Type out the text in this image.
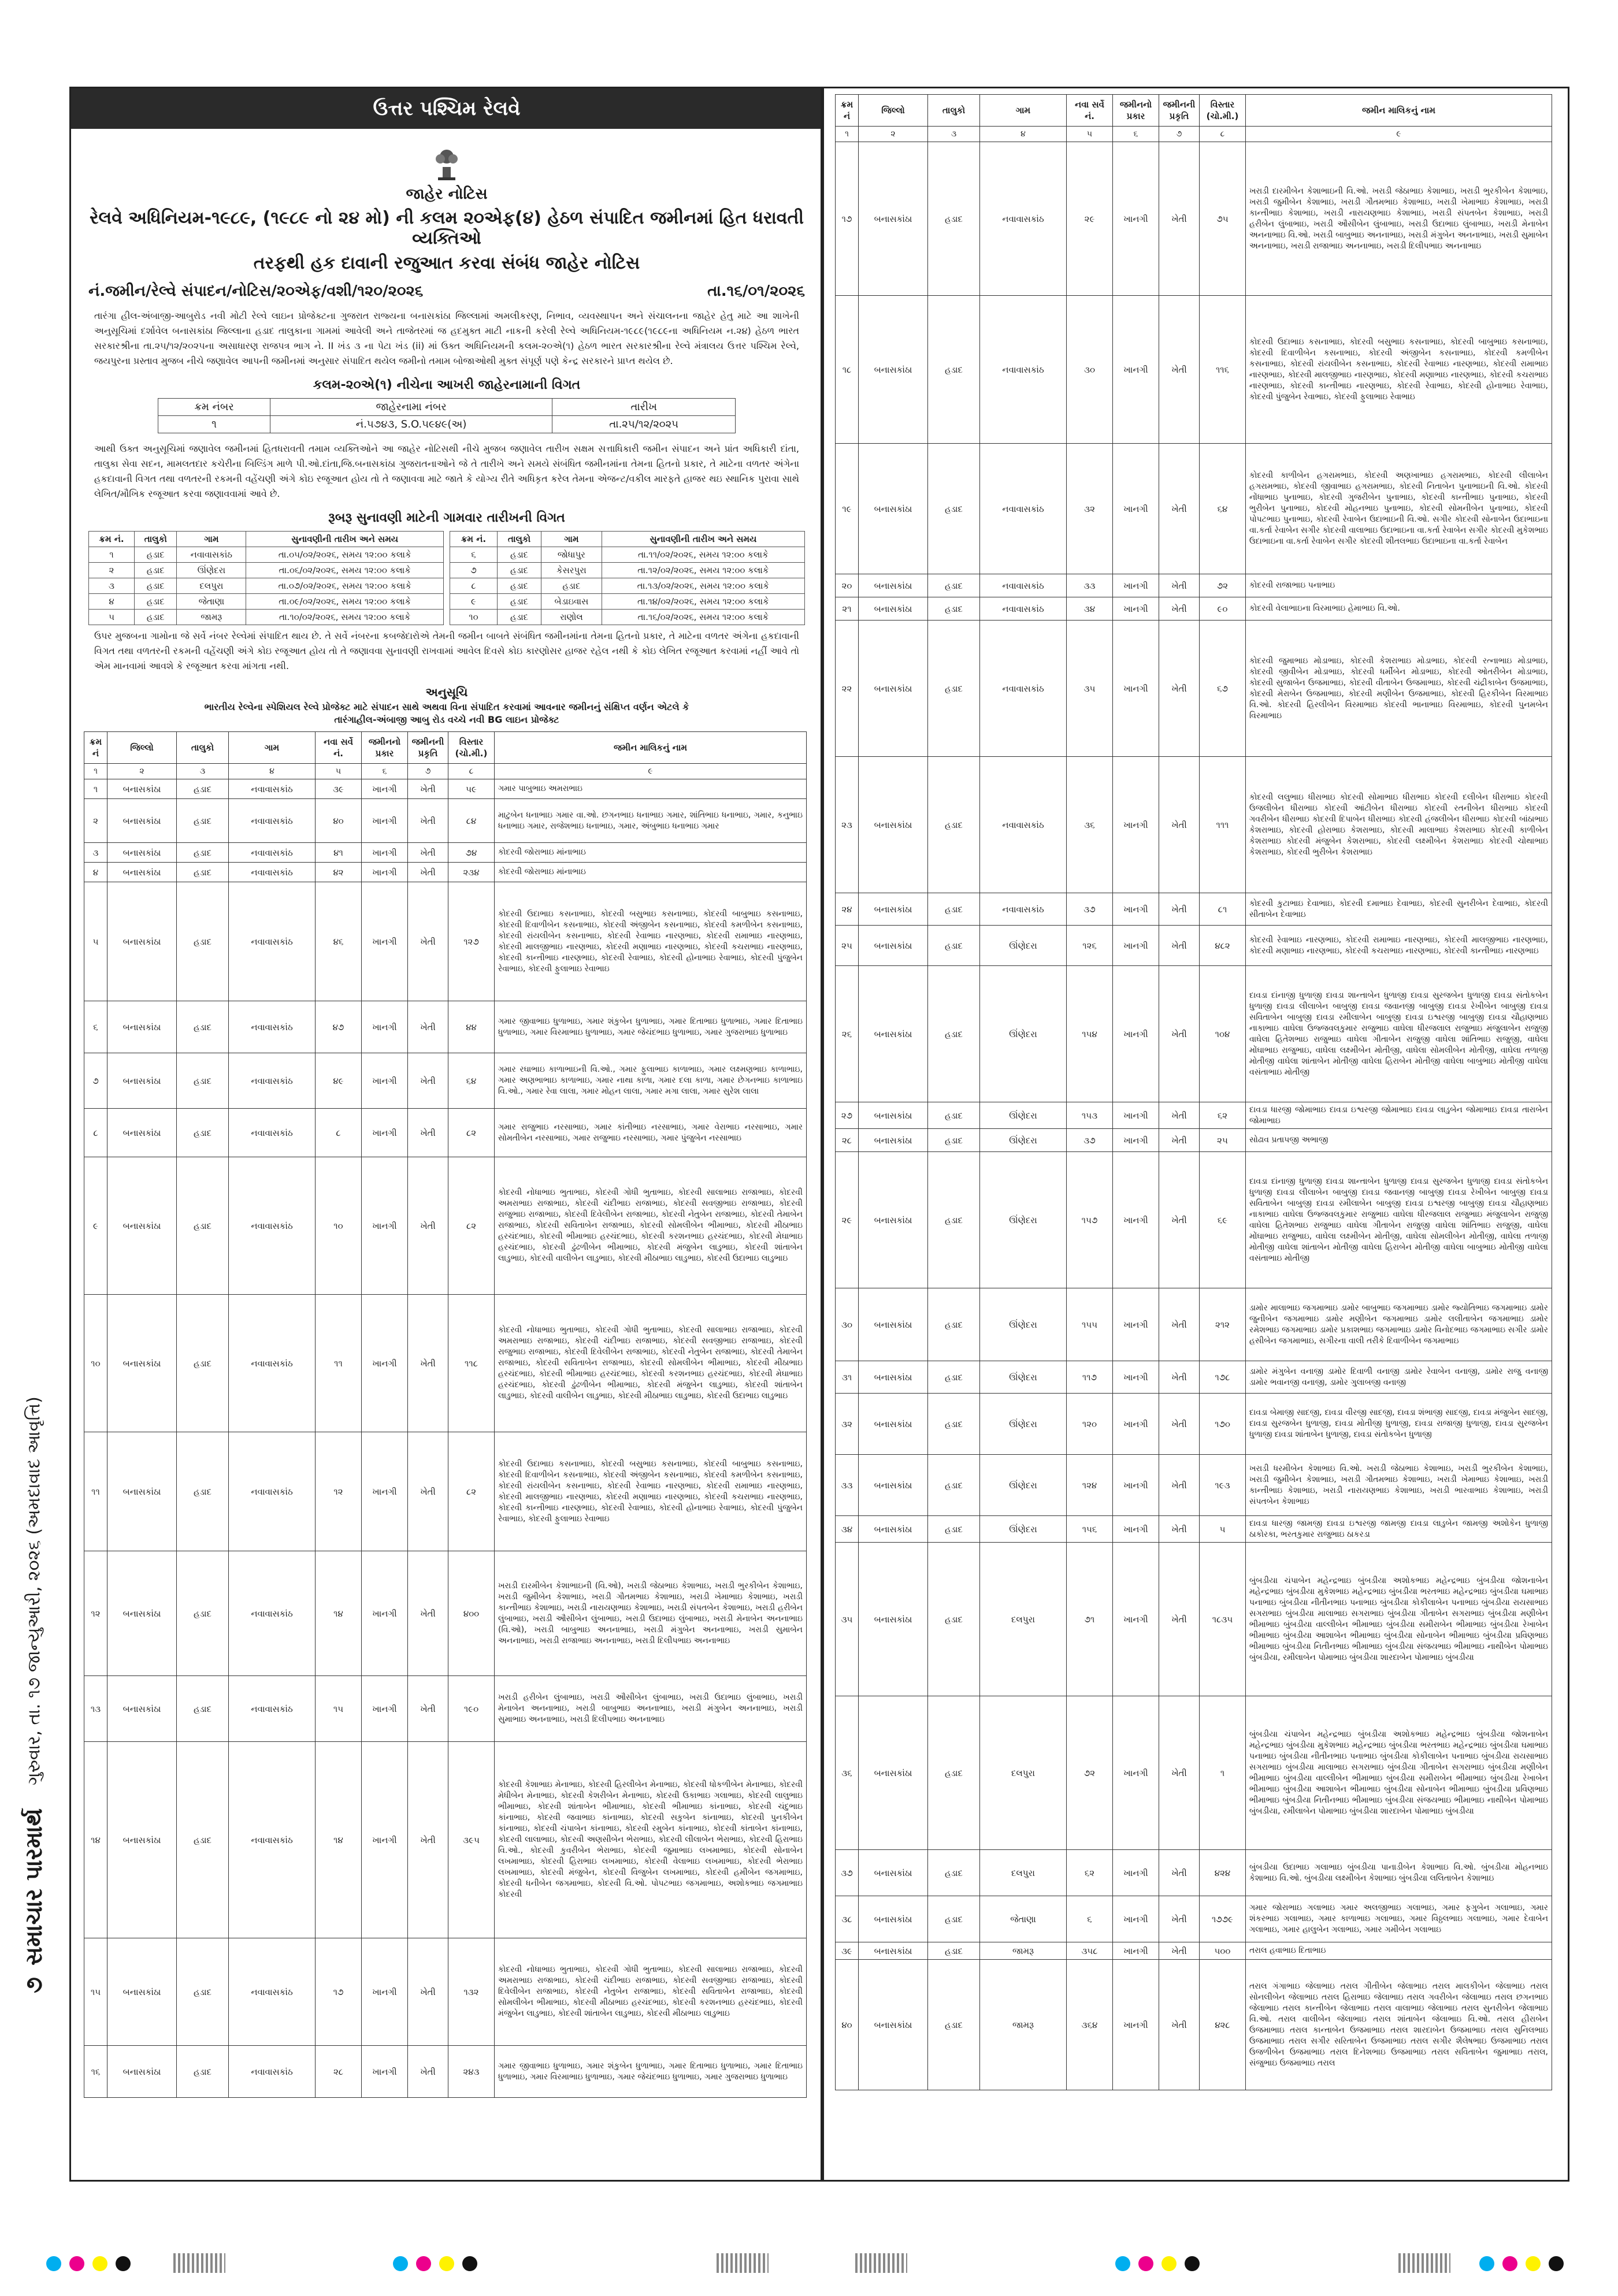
૭
સમાચાર પારમાર્થ
ગુરુવાર, તા. ૧૭ જાન્યુઆરી, ૨૦૨૬ (અમદાવાદ આવૃત્તિ)
ઉત્તર પશ્ચિમ રેલવે
જાહેર નોટિસ
રેલવે અધિનિયમ-૧૯૮૯, (૧૯૮૯ નો ૨૪ મો) ની કલમ ૨૦એફ(૪) હેઠળ સંપાદિત જમીનમાં હિત ધરાવતી વ્યક્તિઓ
તરફથી હક દાવાની રજુઆત કરવા સંબંધ જાહેર નોટિસ
નં.જમીન/રેલ્વે સંપાદન/નોટિસ/૨૦એફ/વશી/૧૨૦/૨૦૨૬	તા.૧૬/૦૧/૨૦૨૬
તારંગા હીલ-અંબાજી-આબુરોડ નવી મોટી રેલ્વે લાઇન પ્રોજેક્ટના ગુજરાત રાજ્યના બનાસકાંઠા જિલ્લામાં અમલીકરણ, નિભાવ, વ્યવસ્થાપન અને સંચાલનના જાહેર હેતુ માટે આ શાખેની અનુસૂચિમાં દર્શાવેલ બનાસકાંઠા જિલ્લાના હડાદ તાલુકાના ગામમાં આવેલી અને તાજેતરમાં જ હદમુક્ત માટી નાકની કરેલી રેલ્વે અધિનિયમ-૧૯૮૯(૧૯૮૯ના અધિનિયમ ન.૨૪) હેઠળ ભારત સરકારશ્રીના તા.૨૫/૧૨/૨૦૨૫ના અસાધારણ રાજપત્ર ભાગ ને. II ખંડ ૩ ના પેટા ખંડ (ii) માં ઉક્ત અધિનિયમની કલમ-૨૦એ(૧) હેઠળ ભારત સરકારશ્રીના રેલ્વે મંત્રાલય ઉત્તર પશ્ચિમ રેલ્વે, જયપુરના પ્રસ્તાવ મુજબ નીચે જણાવેલ આપની જમીનમાં અનુસાર સંપાદિત થયેલ જમીનો તમામ બોજાઓથી મુક્ત સંપૂર્ણ પણે કેન્દ્ર સરકારને પ્રાપ્ત થયેલ છે.
કલમ-૨૦એ(૧) નીચેના આખરી જાહેરનામાની વિગત
ક્રમ નંબર	જાહેરનામા નંબર	તારીખ
૧	નં.૫૭૪૩, S.O.૫૯૪૯(અ)	તા.૨૫/૧૨/૨૦૨૫
આથી ઉક્ત અનુસૂચિમાં જણાવેલ જમીનમાં હિતધરાવતી તમામ વ્યક્તિઓને આ જાહેર નોટિસથી નીચે મુજબ જણાવેલ તારીખ સક્ષમ સત્તાધિકારી જમીન સંપાદન અને પ્રાંત અધિકારી દાંતા, તાલુકા સેવા સદન, મામલતદાર કચેરીના બિલ્ડિંગ માળે પી.ઓ.દાંતા,જિ.બનાસકાંઠા ગુજરાતનાઓને જે તે તારીખે અને સમયે સંબંધિત જમીનમાંના તેમના હિતનો પ્રકાર, તે માટેના વળતર અંગેના હકદાવાની વિગત તથા વળતરની રકમની વહેંચણી અંગે કોઇ રજૂઆત હોય તો તે જણાવવા માટે જાતે કે યોગ્ય રીતે અધિકૃત કરેલ તેમના એજન્ટ/વકીલ મારફતે હાજર થઇ સ્થાનિક પુરાવા સાથે લેખિત/મૌખિક રજૂઆત કરવા જણાવવામાં આવે છે.
રૂબરૂ સુનાવણી માટેની ગામવાર તારીખની વિગત
ક્રમ નં.	તાલુકો	ગામ	સુનાવણીની તારીખ અને સમય
૧	હડાદ	નવાવાસકાંઠ	તા.૦૫/૦૨/૨૦૨૬, સમય ૧૨:૦૦ કલાકે
૨	હડાદ	ઊંણેદરા	તા.૦૬/૦૨/૨૦૨૬, સમય ૧૨:૦૦ કલાકે
૩	હડાદ	દલપુરા	તા.૦૭/૦૨/૨૦૨૬, સમય ૧૨:૦૦ કલાકે
૪	હડાદ	જેતાણા	તા.૦૯/૦૨/૨૦૨૬, સમય ૧૨:૦૦ કલાકે
૫	હડાદ	જામરૂ	તા.૧૦/૦૨/૨૦૨૬, સમય ૧૨:૦૦ કલાકે
ક્રમ નં.	તાલુકો	ગામ	સુનાવણીની તારીખ અને સમય
૬	હડાદ	જોધાપુર	તા.૧૧/૦૨/૨૦૨૬, સમય ૧૨:૦૦ કલાકે
૭	હડાદ	કેસરપુરા	તા.૧૨/૦૨/૨૦૨૬, સમય ૧૨:૦૦ કલાકે
૮	હડાદ	હડાદ	તા.૧૩/૦૨/૨૦૨૬, સમય ૧૨:૦૦ કલાકે
૯	હડાદ	બેડાઇવાસ	તા.૧૪/૦૨/૨૦૨૬, સમય ૧૨:૦૦ કલાકે
૧૦	હડાદ	રાણોલ	તા.૧૬/૦૨/૨૦૨૬, સમય ૧૨:૦૦ કલાકે
ઉપર મુજબના ગામોના જે સર્વે નંબર રેલ્વેમાં સંપાદિત થાય છે. તે સર્વે નંબરના કબજેદારોએ તેમની જમીન બાબતે સંબંધિત જમીનમાંના તેમના હિતનો પ્રકાર, તે માટેના વળતર અંગેના હકદાવાની વિગત તથા વળતરની રકમની વહેંચણી અંગે કોઇ રજૂઆત હોય તો તે જણાવવા સુનાવણી રાખવામાં આવેલ દિવસે કોઇ કારણોસર હાજર રહેલ નથી કે કોઇ લેખિત રજૂઆત કરવામાં નહીં આવે તો એમ માનવામાં આવશે કે રજૂઆત કરવા માંગતા નથી.
અનુસૂચિ
ભારતીય રેલ્વેના સ્પેશિયલ રેલ્વે પ્રોજેક્ટ માટે સંપાદન સાથે અથવા વિના સંપાદિત કરવામાં આવનાર જમીનનું સંક્ષિપ્ત વર્ણન એટલે કે
તારંગાહીલ-અંબાજી આબુ રોડ વચ્ચે નવી BG લાઇન પ્રોજેક્ટ
ક્રમ નં	જિલ્લો	તાલુકો	ગામ	નવા સર્વે નં.	જમીનનો પ્રકાર	જમીનની પ્રકૃતિ	વિસ્તાર (ચો.મી.)	જમીન માલિકનું નામ
૧	૨	૩	૪	૫	૬	૭	૮	૯
૧	બનાસકાંઠા	હડાદ	નવાવાસકાંઠ	૩૯	ખાનગી	ખેતી	૫૯	ગમાર પાબુભાઇ અમરાભાઇ
૨	બનાસકાંઠા	હડાદ	નવાવાસકાંઠ	૪૦	ખાનગી	ખેતી	૮૪	માટુબેન ધનાભાઇ ગમાર વા.ઓ. છગનભાઇ ધનાભાઇ ગમાર, શાંતિભાઇ ધનાભાઇ, ગમાર, કનુભાઇ ધનાભાઇ ગમાર, રાજેશભાઇ ધનાભાઇ, ગમાર, અંબુભાઇ ધનાભાઇ ગમાર
૩	બનાસકાંઠા	હડાદ	નવાવાસકાંઠ	૪૧	ખાનગી	ખેતી	૭૪	કોદરવી જોરાભાઇ માંનાભાઇ
૪	બનાસકાંઠા	હડાદ	નવાવાસકાંઠ	૪૨	ખાનગી	ખેતી	૨૩૪	કોદરવી જોરાભાઇ માંનાભાઇ
૫	બનાસકાંઠા	હડાદ	નવાવાસકાંઠ	૪૬	ખાનગી	ખેતી	૧૨૭	કોદરવી ઉદાભાઇ કસનાભાઇ, કોદરવી બસુભાઇ કસનાભાઇ, કોદરવી બાબુભાઇ કસનાભાઇ, કોદરવી દિવાળીબેન કસનાભાઇ, કોદરવી અંજીબેન કસનાભાઇ, કોદરવી કમળીબેન કસનાભાઇ, કોદરવી રાંયલીબેન કસનાભાઇ, કોદરવી રેવાભાઇ નારણભાઇ, કોદરવી રામાભાઇ નારણભાઇ, કોદરવી માલજીભાઇ નારણભાઇ, કોદરવી મણાભાઇ નારણભાઇ, કોદરવી કચરાભાઇ નારણભાઇ, કોદરવી કાન્તીભાઇ નારણભાઇ, કોદરવી રેવાભાઇ, કોદરવી હોનાભાઇ રેવાભાઇ, કોદરવી પુંજુબેન રેવાભાઇ, કોદરવી ફુલાભાઇ રેવાભાઇ
૬	બનાસકાંઠા	હડાદ	નવાવાસકાંઠ	૪૭	ખાનગી	ખેતી	૪૪	ગમાર જીવાભાઇ ધુળાભાઇ, ગમાર શંકુબેન ધુળાભાઇ, ગમાર દિતાભાઇ ધુળાભાઇ, ગમાર દિતાભાઇ ધુળાભાઇ, ગમાર વિરમાભાઇ ધુળાભાઇ, ગમાર જેચંદભાઇ ધુળાભાઇ, ગમાર ગુજરાભાઇ ધુળાભાઇ
૭	બનાસકાંઠા	હડાદ	નવાવાસકાંઠ	૪૯	ખાનગી	ખેતી	૬૪	ગમાર રઘાભાઇ કાળાભાઇની વિ.ઓ., ગમાર ફુલાભાઇ કાળાભાઇ, ગમાર લક્ષ્મણભાઇ કાળાભાઇ, ગમાર અણભાભાઇ કાળાભાઇ, ગમાર નાથા કાળા, ગમાર દલા કાળા, ગમાર છેગનભાઇ કાળાભાઇ વિ.ઓ., ગમાર રેવા લાલા, ગમાર મોહન લાલા, ગમાર મગા લાલા, ગમાર સુરેશ લાલા
૮	બનાસકાંઠા	હડાદ	નવાવાસકાંઠ	૮	ખાનગી	ખેતી	૮૨	ગમાર રાજુભાઇ નરસાભાઇ, ગમાર કાંતીભાઇ નરસાભાઇ, ગમાર વેરાભાઇ નરસાભાઇ, ગમાર સોમતીબેન નરસાભાઇ, ગમાર રાજુભાઇ નરસાભાઇ, ગમાર પુંજુબેન નરસાભાઇ
૯	બનાસકાંઠા	હડાદ	નવાવાસકાંઠ	૧૦	ખાનગી	ખેતી	૮૨	કોદરવી નોધાભાઇ ભુતાભાઇ, કોદરવી ગોધી ભુતાભાઇ, કોદરવી સાલાભાઇ રાજાભાઇ, કોદરવી અમરાભાઇ રાજાભાઇ, કોદરવી ચંદીભાઇ રાજાભાઇ, કોદરવી સવજીભાઇ રાજાભાઇ, કોદરવી રાજુભાઇ રાજાભાઇ, કોદરવી દિવેલીબેન રાજાભાઇ, કોદરવી નેતુબેન રાજાભાઇ, કોદરવી તેમાબેન રાજાભાઇ, કોદરવી સવિતાબેન રાજાભાઇ, કોદરવી સોમલીબેન ભીમાભાઇ, કોદરવી મીઠાભાઇ હરચંદભાઇ, કોદરવી ભીમાભાઇ હરચંદભાઇ, કોદરવી કરશનભાઇ હરચંદભાઇ, કોદરવી મેઘાભાઇ હરચંદભાઇ, કોદરવી ઢુંઢળીબેન ભીમાભાઇ, કોદરવી મંજુબેન લાડુભાઇ, કોદરવી શાંતાબેન લાડુભાઇ, કોદરવી વાલીબેન લાડુભાઇ, કોદરવી મીઠાભાઇ લાડુભાઇ, કોદરવી ઉદાભાઇ લાડુભાઇ
૧૦	બનાસકાંઠા	હડાદ	નવાવાસકાંઠ	૧૧	ખાનગી	ખેતી	૧૧૮	કોદરવી નોધાભાઇ ભુતાભાઇ, કોદરવી ગોધી ભુતાભાઇ, કોદરવી સાલાભાઇ રાજાભાઇ, કોદરવી અમરાભાઇ રાજાભાઇ, કોદરવી ચંદીભાઇ રાજાભાઇ, કોદરવી સવજીભાઇ રાજાભાઇ, કોદરવી રાજુભાઇ રાજાભાઇ, કોદરવી દિવેલીબેન રાજાભાઇ, કોદરવી નેતુબેન રાજાભાઇ, કોદરવી તેમાબેન રાજાભાઇ, કોદરવી સવિતાબેન રાજાભાઇ, કોદરવી સોમલીબેન ભીમાભાઇ, કોદરવી મીઠાભાઇ હરચંદભાઇ, કોદરવી ભીમાભાઇ હરચંદભાઇ, કોદરવી કરશનભાઇ હરચંદભાઇ, કોદરવી મેઘાભાઇ હરચંદભાઇ, કોદરવી ઢુંઢળીબેન ભીમાભાઇ, કોદરવી મંજુબેન લાડુભાઇ, કોદરવી શાંતાબેન લાડુભાઇ, કોદરવી વાલીબેન લાડુભાઇ, કોદરવી મીઠાભાઇ લાડુભાઇ, કોદરવી ઉદાભાઇ લાડુભાઇ
૧૧	બનાસકાંઠા	હડાદ	નવાવાસકાંઠ	૧૨	ખાનગી	ખેતી	૮૨	કોદરવી ઉદાભાઇ કસનાભાઇ, કોદરવી બસુભાઇ કસનાભાઇ, કોદરવી બાબુભાઇ કસનાભાઇ, કોદરવી દિવાળીબેન કસનાભાઇ, કોદરવી અંજીબેન કસનાભાઇ, કોદરવી કમળીબેન કસનાભાઇ, કોદરવી રાંયલીબેન કસનાભાઇ, કોદરવી રેવાભાઇ નારણભાઇ, કોદરવી રામાભાઇ નારણભાઇ, કોદરવી માલજીભાઇ નારણભાઇ, કોદરવી મણાભાઇ નારણભાઇ, કોદરવી કચરાભાઇ નારણભાઇ, કોદરવી કાન્તીભાઇ નારણભાઇ, કોદરવી રેવાભાઇ, કોદરવી હોનાભાઇ રેવાભાઇ, કોદરવી પુંજુબેન રેવાભાઇ, કોદરવી ફુલાભાઇ રેવાભાઇ
૧૨	બનાસકાંઠા	હડાદ	નવાવાસકાંઠ	૧૪	ખાનગી	ખેતી	૪૦૦	ખરાડી દારમીબેન કેશાભાઇની (વિ.ઓ), ખરાડી જેઠાભાઇ કેશાભાઇ, ખરાડી ભુરકીબેન કેશાભાઇ, ખરાડી જુમીબેન કેશાભાઇ, ખરાડી ગૌતમભાઇ કેશાભાઇ, ખરાડી ખેમાભાઇ કેશાભાઇ, ખરાડી કાન્તીભાઇ કેશાભાઇ, ખરાડી નારાયણભાઇ કેશાભાઇ, ખરાડી સંપતબેન કેશાભાઇ, ખરાડી હરીબેન લુંબાભાઇ, ખરાડી ઔસીબેન લુંબાભાઇ, ખરાડી ઉદાભાઇ લુંબાભાઇ, ખરાડી મેનાબેન અનનાભાઇ (વિ.ઓ), ખરાડી બાબુભાઇ અનનાભાઇ, ખરાડી મંગુબેન અનનાભાઇ, ખરાડી સુમાબેન અનનાભાઇ, ખરાડી રાજાભાઇ અનનાભાઇ, ખરાડી દિલીપભાઇ અનનાભાઇ
૧૩	બનાસકાંઠા	હડાદ	નવાવાસકાંઠ	૧૫	ખાનગી	ખેતી	૧૯૦	ખરાડી હરીબેન લુંબાભાઇ, ખરાડી ઔસીબેન લુંબાભાઇ, ખરાડી ઉદાભાઇ લુંબાભાઇ, ખરાડી મેનાબેન અનનાભાઇ, ખરાડી બાબુભાઇ અનનાભાઇ, ખરાડી મંગુબેન અનનાભાઇ, ખરાડી સુમાભાઇ અનનાભાઇ, ખરાડી દિલીપભાઇ અનનાભાઇ
૧૪	બનાસકાંઠા	હડાદ	નવાવાસકાંઠ	૧૪	ખાનગી	ખેતી	૩૯૫	કોદરવી કેશાભાઇ મેનાભાઇ, કોદરવી હિરલીબેન મેનાભાઇ, કોદરવી ધોકળીબેન મેનાભાઇ, કોદરવી મેધીબેન મેનાભાઇ, કોદરવી કેશરીબેન મેનાભાઇ, કોદરવી ઉકાભાઇ ગલાભાઇ, કોદરવી લાલુભાઇ ભીમાભાઇ, કોદરવી શાંતાબેન ભીમાભાઇ, કોદરવી ભીમાભાઇ કાંનાભાઇ, કોદરવી ચંદુભાઇ કાંનાભાઇ, કોદરવી જવાભાઇ કાંનાભાઇ, કોદરવી સકુબેન કાંનાભાઇ, કોદરવી પુનકીબેન કાંનાભાઇ, કોદરવી ચંપાબેન કાંનાભાઇ, કોદરવી રમુબેન કાંનાભાઇ, કોદરવી કાંતાબેન કાંનાભાઇ, કોદરવી લાલાભાઇ, કોદરવી અણસીબેન ભેરાભાઇ, કોદરવી લીલાબેન ભેરાભાઇ, કોદરવી હિરાભાઇ વિ.ઓ., કોદરવી કુવરીબેન ભેરાભાઇ, કોદરવી જુમાભાઇ લખમાભાઇ, કોદરવી સોનાબેન લખમાભાઇ, કોદરવી હિરાભાઇ લખમાભાઇ, કોદરવી વેલાભાઇ લખમાભાઇ, કોદરવી ભેરાભાઇ લખમાભાઇ, કોદરવી મંજુબેન, કોદરવી વિજુબેન લખમાભાઇ, કોદરવી હમીબેન જગમાભાઇ, કોદરવી ધનીબેન જગમાભાઇ, કોદરવી વિ.ઓ. પોપટભાઇ જગમાભાઇ, અશોકભાઇ જગમાભાઇ કોદરવી
૧૫	બનાસકાંઠા	હડાદ	નવાવાસકાંઠ	૧૭	ખાનગી	ખેતી	૧૩૨	કોદરવી નોધાભાઇ ભુતાભાઇ, કોદરવી ગોધી ભુતાભાઇ, કોદરવી સાલાભાઇ રાજાભાઇ, કોદરવી અમરાભાઇ રાજાભાઇ, કોદરવી ચંદીભાઇ રાજાભાઇ, કોદરવી સવજીભાઇ રાજાભાઇ, કોદરવી દિવેલીબેન રાજાભાઇ, કોદરવી નેતુબેન રાજાભાઇ, કોદરવી સવિતાબેન રાજાભાઇ, કોદરવી સોમલીબેન ભીમાભાઇ, કોદરવી મીઠાભાઇ હરચંદભાઇ, કોદરવી કરશનભાઇ હરચંદભાઇ, કોદરવી મંજુબેન લાડુભાઇ, કોદરવી શાંતાબેન લાડુભાઇ, કોદરવી મીઠાભાઇ લાડુભાઇ
૧૬	બનાસકાંઠા	હડાદ	નવાવાસકાંઠ	૨૮	ખાનગી	ખેતી	૨૪૩	ગમાર જીવાભાઇ ધુળાભાઇ, ગમાર શંકુબેન ધુળાભાઇ, ગમાર દિતાભાઇ ધુળાભાઇ, ગમાર દિતાભાઇ ધુળાભાઇ, ગમાર વિરમાભાઇ ધુળાભાઇ, ગમાર જેચંદભાઇ ધુળાભાઇ, ગમાર ગુજરાભાઇ ધુળાભાઇ
ક્રમ નં	જિલ્લો	તાલુકો	ગામ	નવા સર્વે નં.	જમીનનો પ્રકાર	જમીનની પ્રકૃતિ	વિસ્તાર (ચો.મી.)	જમીન માલિકનું નામ
૧	૨	૩	૪	૫	૬	૭	૮	૯
૧૭	બનાસકાંઠા	હડાદ	નવાવાસકાંઠ	૨૯	ખાનગી	ખેતી	૭૫	ખરાડી દારમીબેન કેશાભાઇની વિ.ઓ. ખરાડી જેઠાભાઇ કેશાભાઇ, ખરાડી ભુરકીબેન કેશાભાઇ, ખરાડી જુમીબેન કેશાભાઇ, ખરાડી ગૌતમભાઇ કેશાભાઇ, ખરાડી ખેમાભાઇ કેશાભાઇ, ખરાડી કાન્તીભાઇ કેશાભાઇ, ખરાડી નારાયણભાઇ કેશાભાઇ, ખરાડી સંપતબેન કેશાભાઇ, ખરાડી હરીબેન લુંબાભાઇ, ખરાડી ઔસીબેન લુંબાભાઇ, ખરાડી ઉદાભાઇ લુંબાભાઇ, ખરાડી મેનાબેન અનનાભાઇ વિ.ઓ. ખરાડી બાબુભાઇ અનનાભાઇ, ખરાડી મંગુબેન અનનાભાઇ, ખરાડી સુમાબેન અનનાભાઇ, ખરાડી રાજાભાઇ અનનાભાઇ, ખરાડી દિલીપભાઇ અનનાભાઇ
૧૮	બનાસકાંઠા	હડાદ	નવાવાસકાંઠ	૩૦	ખાનગી	ખેતી	૧૧૬	કોદરવી ઉદાભાઇ કસનાભાઇ, કોદરવી બસુભાઇ કસનાભાઇ, કોદરવી બાબુભાઇ કસનાભાઇ, કોદરવી દિવાળીબેન કસનાભાઇ, કોદરવી અંજીબેન કસનાભાઇ, કોદરવી કમળીબેન કસનાભાઇ, કોદરવી રાંયલીબેન કસનાભાઇ, કોદરવી રેવાભાઇ નારણભાઇ, કોદરવી રામાભાઇ નારણભાઇ, કોદરવી માલજીભાઇ નારણભાઇ, કોદરવી મણાભાઇ નારણભાઇ, કોદરવી કચરાભાઇ નારણભાઇ, કોદરવી કાન્તીભાઇ નારણભાઇ, કોદરવી રેવાભાઇ, કોદરવી હોનાભાઇ રેવાભાઇ, કોદરવી પુંજુબેન રેવાભાઇ, કોદરવી ફુલાભાઇ રેવાભાઇ
૧૯	બનાસકાંઠા	હડાદ	નવાવાસકાંઠ	૩૨	ખાનગી	ખેતી	૬૪	કોદરવી કાળીબેન હગરામભાઇ, કોદરવી અણખાભાઇ હગરામભાઇ, કોદરવી લીલાબેન હગરામભાઇ, કોદરવી જીવાભાઇ હગરામભાઇ, કોદરવી નિતાબેન પુનાભાઇની વિ.ઓ. કોદરવી નોંધાભાઇ પુનાભાઇ, કોદરવી ગુજરીબેન પુનાભાઇ, કોદરવી કાન્તીભાઇ પુનાભાઇ, કોદરવી ભુરીબેન પુનાભાઇ, કોદરવી મોહનભાઇ પુનાભાઇ, કોદરવી સોમનીબેન પુનાભાઇ, કોદરવી પોપટભાઇ પુનાભાઇ, કોદરવી રેવાબેન ઉદાભાઇની વિ.ઓ. સગીર કોદરવી સોનાબેન ઉદાભાઇના વા.કર્તા રેવાબેન સગીર કોદરવી વાલાભાઇ ઉદાભાઇના વા.કર્તા રેવાબેન સગીર કોદરવી મુકેશભાઇ ઉદાભાઇના વા.કર્તા રેવાબેન સગીર કોદરવી શીતલભાઇ ઉદાભાઇના વા.કર્તા રેવાબેન
૨૦	બનાસકાંઠા	હડાદ	નવાવાસકાંઠ	૩૩	ખાનગી	ખેતી	૭૨	કોદરવી રાજાભાઇ પનાભાઇ
૨૧	બનાસકાંઠા	હડાદ	નવાવાસકાંઠ	૩૪	ખાનગી	ખેતી	૯૦	કોદરવી વેલાભાઇના વિરમાભાઇ હેમાભાઇ વિ.ઓ.
૨૨	બનાસકાંઠા	હડાદ	નવાવાસકાંઠ	૩૫	ખાનગી	ખેતી	૬૭	કોદરવી જુમાભાઇ મોડાભાઇ, કોદરવી કેશરાભાઇ મોડાભાઇ, કોદરવી રત્નાભાઇ મોડાભાઇ, કોદરવી જીવીબેન મોડાભાઇ, કોદરવી ધર્મીબેન મોડાભાઇ, કોદરવી ઓતરીબેન મોડાભાઇ, કોદરવી સુજાબેન ઉજમાભાઇ, કોદરવી વીતાબેન ઉજમાભાઇ, કોદરવી ચંદ્રીકાબેન ઉજમાભાઇ, કોદરવી મેરાબેન ઉજમાભાઇ, કોદરવી મણીબેન ઉજમાભાઇ, કોદરવી હિરકીબેન વિરમાભાઇ વિ.ઓ. કોદરવી હિરલીબેન વિરમાભાઇ કોદરવી ભાનાભાઇ વિરમાભાઇ, કોદરવી પુનમબેન વિરમાભાઇ
૨૩	બનાસકાંઠા	હડાદ	નવાવાસકાંઠ	૩૬	ખાનગી	ખેતી	૧૧૧	કોદરવી લલુભાઇ ધીરાભાઇ કોદરવી સોમાભાઇ ધીરાભાઇ કોદરવી દલીબેન ધીરાભાઇ કોદરવી ઉજલીબેન ધીરાભાઇ કોદરવી આંટીબેન ધીરાભાઇ કોદરવી રતનીબેન ધીરાભાઇ કોદરવી ગવરીબેન ધીરાભાઇ કોદરવી દિપાબેન ધીરાભાઇ કોદરવી હંજલીબેન ધીરાભાઇ કોદરવી બાંઠાભાઇ કેશરાભાઇ, કોદરવી હોરાભાઇ કેશરાભાઇ, કોદરવી માલાભાઇ કેશરાભાઇ કોદરવી કાળીબેન કેશરાભાઇ કોદરવી મંજુબેન કેશરાભાઇ, કોદરવી લક્ષ્મીબેન કેશરાભાઇ કોદરવી ચોથાભાઇ કેશરાભાઇ, કોદરવી ભુરીબેન કેશરાભાઇ
૨૪	બનાસકાંઠા	હડાદ	નવાવાસકાંઠ	૩૭	ખાનગી	ખેતી	૮૧	કોદરવી કુટાભાઇ દેવાભાઇ, કોદરવી દમાભાઇ દેવાભાઇ, કોદરવી સુનરીબેન દેવાભાઇ, કોદરવી સીતાબેન દેવાભાઇ
૨૫	બનાસકાંઠા	હડાદ	ઊંણેદરા	૧૨૬	ખાનગી	ખેતી	૪૮૨	કોદરવી રેવાભાઇ નારણભાઇ, કોદરવી રામાભાઇ નારણભાઇ, કોદરવી માલજીભાઇ નારણભાઇ, કોદરવી મણાભાઇ નારણભાઇ, કોદરવી કચરાભાઇ નારણભાઇ, કોદરવી કાન્તીભાઇ નારણભાઇ
૨૬	બનાસકાંઠા	હડાદ	ઊંણેદરા	૧૫૪	ખાનગી	ખેતી	૧૦૪	દાવડા દાંનાજી ધુળાજી દાવડા શાન્તાબેન ધુળાજી દાવડા સુરજબેન ધુળાજી દાવડા સંતોકબેન ધુળાજી દાવડા લીલાબેન બાબુજી દાવડા જવાનજી બાબુજી દાવડા રેખીબેન બાબુજી દાવડા સવિતાબેન બાબુજી દાવડા રમીલાબેન બાબુજી દાવડા ઇશ્વરજી બાબુજી દાવડા ચૌહાણભાઇ નાકાભાઇ વાઘેલા ઉજ્જવલકુમાર રાજુભાઇ વાઘેલા ધીરજલાલ રાજુભાઇ મંજુલાબેન રાજુજી વાઘેલા હિતેશભાઇ રાજુભાઇ વાઘેલા ગીતાબેન રાજુજી વાઘેલા શાંતિભાઇ રાજુજી, વાઘેલા મોંઘાભાઇ રાજુભાઇ, વાઘેલા લક્ષ્મીબેન મોતીજી, વાઘેલા સોમલીબેન મોતીજી, વાઘેલા તળાજી મોતીજી વાઘેલા શાંતાબેન મોતીજી વાઘેલા હિરાબેન મોતીજી વાઘેલા બાબુભાઇ મોતીજી વાઘેલા વસંતાભાઇ મોતીજી
૨૭	બનાસકાંઠા	હડાદ	ઊંણેદરા	૧૫૩	ખાનગી	ખેતી	૬૨	દાવડા ધારજી જોમાભાઇ દાવડા ઇશ્વરજી જોમાભાઇ દાવડા લાડુબેન જોમાભાઇ દાવડા તારાબેન જોમાભાઇ
૨૮	બનાસકાંઠા	હડાદ	ઊંણેદરા	૩૭	ખાનગી	ખેતી	૨૫	સોઢાવ પ્રતાપજી અભાજી
૨૯	બનાસકાંઠા	હડાદ	ઊંણેદરા	૧૫૭	ખાનગી	ખેતી	૬૯	દાવડા દાંનાજી ધુળાજી દાવડા શાન્તાબેન ધુળાજી દાવડા સુરજબેન ધુળાજી દાવડા સંતોકબેન ધુળાજી દાવડા લીલાબેન બાબુજી દાવડા જવાનજી બાબુજી દાવડા રેખીબેન બાબુજી દાવડા સવિતાબેન બાબુજી દાવડા રમીલાબેન બાબુજી દાવડા ઇશ્વરજી બાબુજી દાવડા ચૌહાણભાઇ નાકાભાઇ વાઘેલા ઉજ્જવલકુમાર રાજુભાઇ વાઘેલા ધીરજલાલ રાજુભાઇ મંજુલાબેન રાજુજી વાઘેલા હિતેશભાઇ રાજુભાઇ વાઘેલા ગીતાબેન રાજુજી વાઘેલા શાંતિભાઇ રાજુજી, વાઘેલા મોંઘાભાઇ રાજુભાઇ, વાઘેલા લક્ષ્મીબેન મોતીજી, વાઘેલા સોમલીબેન મોતીજી, વાઘેલા તળાજી મોતીજી વાઘેલા શાંતાબેન મોતીજી વાઘેલા હિરાબેન મોતીજી વાઘેલા બાબુભાઇ મોતીજી વાઘેલા વસંતાભાઇ મોતીજી
૩૦	બનાસકાંઠા	હડાદ	ઊંણેદરા	૧૫૫	ખાનગી	ખેતી	૨૧૨	ડામોર માલાભાઇ જગમાભાઇ ડામોર બાબુભાઇ જગમાભાઇ ડામોર જ્યોતિભાઇ જગમાભાઇ ડામોર જુનીબેન જગમાભાઇ ડામોર મણીબેન જગમાભાઇ ડામોર લલીતાબેન જગમાભાઇ ડામોર રમેશભાઇ જગમાભાઇ ડામોર પ્રકાશભાઇ જગમાભાઇ ડામોર વિનોદભાઇ જગમાભાઇ સગીર ડામોર હસીબેન જગમાભાઇ, સગીરના વાલી તરીકે દિવાળીબેન જગમાભાઇ
૩૧	બનાસકાંઠા	હડાદ	ઊંણેદરા	૧૧૭	ખાનગી	ખેતી	૧૭૮	ડામોર મંગુબેન વનાજી ડામોર દિવાળી વનાજી ડામોર રેવાબેન વનાજી, ડામોર રાજુ વનાજી ડામોર ભવાનજી વનાજી, ડામોર ગુલાબજી વનાજી
૩૨	બનાસકાંઠા	હડાદ	ઊંણેદરા	૧૨૦	ખાનગી	ખેતી	૧૭૦	દાવડા બેમાજી સાદજી, દાવડા વીરજી સાદજી, દાવડા શંભાજી સાદજી, દાવડા મંજુબેન સાદજી, દાવડા સુરજબેન ધુળાજી, દાવડા મોતીજી ધુળાજી, દાવડા રાજાજી ધુળાજી, દાવડા સુરજબેન ધુળાજી દાવડા શાંતાબેન ધુળાજી, દાવડા સંતોકબેન ધુળાજી
૩૩	બનાસકાંઠા	હડાદ	ઊંણેદરા	૧૨૪	ખાનગી	ખેતી	૧૯૩	ખરાડી ધરમીબેન કેશાભાઇ વિ.ઓ. ખરાડી જેઠાભાઇ કેશાભાઇ, ખરાડી ભુરકીબેન કેશાભાઇ, ખરાડી જુમીબેન કેશાભાઇ, ખરાડી ગૌતમભાઇ કેશાભાઇ, ખરાડી ખેમાભાઇ કેશાભાઇ, ખરાડી કાન્તીભાઇ કેશાભાઇ, ખરાડી નારાયણભાઇ કેશાભાઇ, ખરાડી ભારવાભાઇ કેશાભાઇ, ખરાડી સંપતબેન કેશાભાઇ
૩૪	બનાસકાંઠા	હડાદ	ઊંણેદરા	૧૫૬	ખાનગી	ખેતી	૫	દાવડા ધારજી જામજી દાવડા ઇશ્વરજી જામજી દાવડા લાડુબેન જામજી અશોકેન ધુળાજી ઠાકોરકા, ભરતકુમાર રાજુભાઇ ઠાકરડા
૩૫	બનાસકાંઠા	હડાદ	દલપુરા	૭૧	ખાનગી	ખેતી	૧૮૩૫	બુંબડીયા ચંપાબેન મહેન્દ્રભાઇ બુંબડીયા અશોકભાઇ મહેન્દ્રભાઇ બુંબડીયા જોશનાબેન મહેન્દ્રભાઇ બુંબડીયા મુકેશભાઇ મહેન્દ્રભાઇ બુંબડીયા ભરતભાઇ મહેન્દ્રભાઇ બુંબડીયા ઘમાભાઇ પનાભાઇ બુંબડીયા નીતીનભાઇ પનાભાઇ બુંબડીયા કોકીલાબેન પનાભાઇ બુંબડીયા રાયસાભાઇ સગરાભાઇ બુંબડીયા માલાભાઇ સગરાભાઇ બુંબડીયા ગીતાબેન સગરાભાઇ બુંબડીયા મણીબેન ભીમાભાઇ બુંબડીયા વાલ્લીબેન ભીમાભાઇ બુંબડીયા સમીરાબેન ભીમાભાઇ બુંબડીયા રેખાબેન ભીમાભાઇ બુંબડીયા આશાબેન ભીમાભાઇ બુંબડીયા સોનાબેન ભીમાભાઇ બુંબડીયા પ્રવિણભાઇ ભીમાભાઇ બુંબડીયા નિતીનભાઇ ભીમાભાઇ બુંબડીયા સંજયભાઇ ભીમાભાઇ નાથીબેન પોમાભાઇ બુંબડીયા, રમીલાબેન પોમાભાઇ બુંબડીયા શારદાબેન પોમાભાઇ બુંબડીયા
૩૬	બનાસકાંઠા	હડાદ	દલપુરા	૭૨	ખાનગી	ખેતી	૧	બુંબડીયા ચંપાબેન મહેન્દ્રભાઇ બુંબડીયા અશોકભાઇ મહેન્દ્રભાઇ બુંબડીયા જોશનાબેન મહેન્દ્રભાઇ બુંબડીયા મુકેશભાઇ મહેન્દ્રભાઇ બુંબડીયા ભરતભાઇ મહેન્દ્રભાઇ બુંબડીયા ઘમાભાઇ પનાભાઇ બુંબડીયા નીતીનભાઇ પનાભાઇ બુંબડીયા કોકીલાબેન પનાભાઇ બુંબડીયા રાયસાભાઇ સગરાભાઇ બુંબડીયા માલાભાઇ સગરાભાઇ બુંબડીયા ગીતાબેન સગરાભાઇ બુંબડીયા મણીબેન ભીમાભાઇ બુંબડીયા વાલ્લીબેન ભીમાભાઇ બુંબડીયા સમીરાબેન ભીમાભાઇ બુંબડીયા રેખાબેન ભીમાભાઇ બુંબડીયા આશાબેન ભીમાભાઇ બુંબડીયા સોનાબેન ભીમાભાઇ બુંબડીયા પ્રવિણભાઇ ભીમાભાઇ બુંબડીયા નિતીનભાઇ ભીમાભાઇ બુંબડીયા સંજયભાઇ ભીમાભાઇ નાથીબેન પોમાભાઇ બુંબડીયા, રમીલાબેન પોમાભાઇ બુંબડીયા શારદાબેન પોમાભાઇ બુંબડીયા
૩૭	બનાસકાંઠા	હડાદ	દલપુરા	૬૨	ખાનગી	ખેતી	૪૨૪	બુંબડીયા ઉદાભાઇ ગલાભાઇ બુંબડીયા પાનાડીબેન કેશાભાઇ વિ.ઓ. બુંબડીયા મોહનભાઇ કેશાભાઇ વિ.ઓ. બુંબડીયા લક્ષ્મીબેન કેશાભાઇ બુંબડીયા લલિતાબેન કેશાભાઇ
૩૮	બનાસકાંઠા	હડાદ	જેતાણા	૬	ખાનગી	ખેતી	૧૭૭૯	ગમાર જોરાભાઇ ગલાભાઇ ગમાર અલજીભાઇ ગલાભાઇ, ગમાર ફગુબેન ગલાભાઇ, ગમાર શંકરભાઇ ગલાભાઇ, ગમાર કાળાભાઇ ગલાભાઇ, ગમાર વિઠ્ઠલભાઇ ગલાભાઇ, ગમાર દેવાબેન ગલાભાઇ, ગમાર હાલુબેન ગલાભાઇ, ગમાર ગમીબેન ગલાભાઇ
૩૯	બનાસકાંઠા	હડાદ	જામરૂ	૩૫૮	ખાનગી	ખેતી	૫૦૦	તરાલ હવાભાઇ દિતાભાઇ
૪૦	બનાસકાંઠા	હડાદ	જામરૂ	૩૬૪	ખાનગી	ખેતી	૪૨૮	તરાલ ગંગાભાઇ જેલાભાઇ તરાલ ગીતીબેન જેલાભાઇ તરાલ માલકીબેન જેલાભાઇ તરાલ સોનલીબેન જેલાભાઇ તરાલ હિરાભાઇ જેલાભાઇ તરાલ ગવરીબેન જેલાભાઇ તરાલ છગનભાઇ જેલાભાઇ તરાલ કાન્તીબેન જેલાભાઇ તરાલ વાલાભાઇ જેલાભાઇ તરાલ સુનરીબેન જેલાભાઇ વિ.ઓ. તરાલ વાલીબેન જેલાભાઇ તરાલ શાંતાબેન જેલાભાઇ વિ.ઓ. તરાલ હીરાબેન ઉજમાભાઇ તરાલ કાન્તાબેન ઉજમાભાઇ તરાલ શારદાબેન ઉજમાભાઇ તરાલ સુનિલભાઇ ઉજમાભાઇ તરાલ સગીર સરિતાબેન ઉજમાભાઇ તરાલ સગીર શૈલેષભાઇ ઉજમાભાઇ તરાલ ઉજળીબેન ઉજમાભાઇ તરાલ દિનેશભાઇ ઉજમાભાઇ તરાલ સવિતાબેન જુમાભાઇ તરાલ, સંજુભાઇ ઉજમાભાઇ તરાલ
